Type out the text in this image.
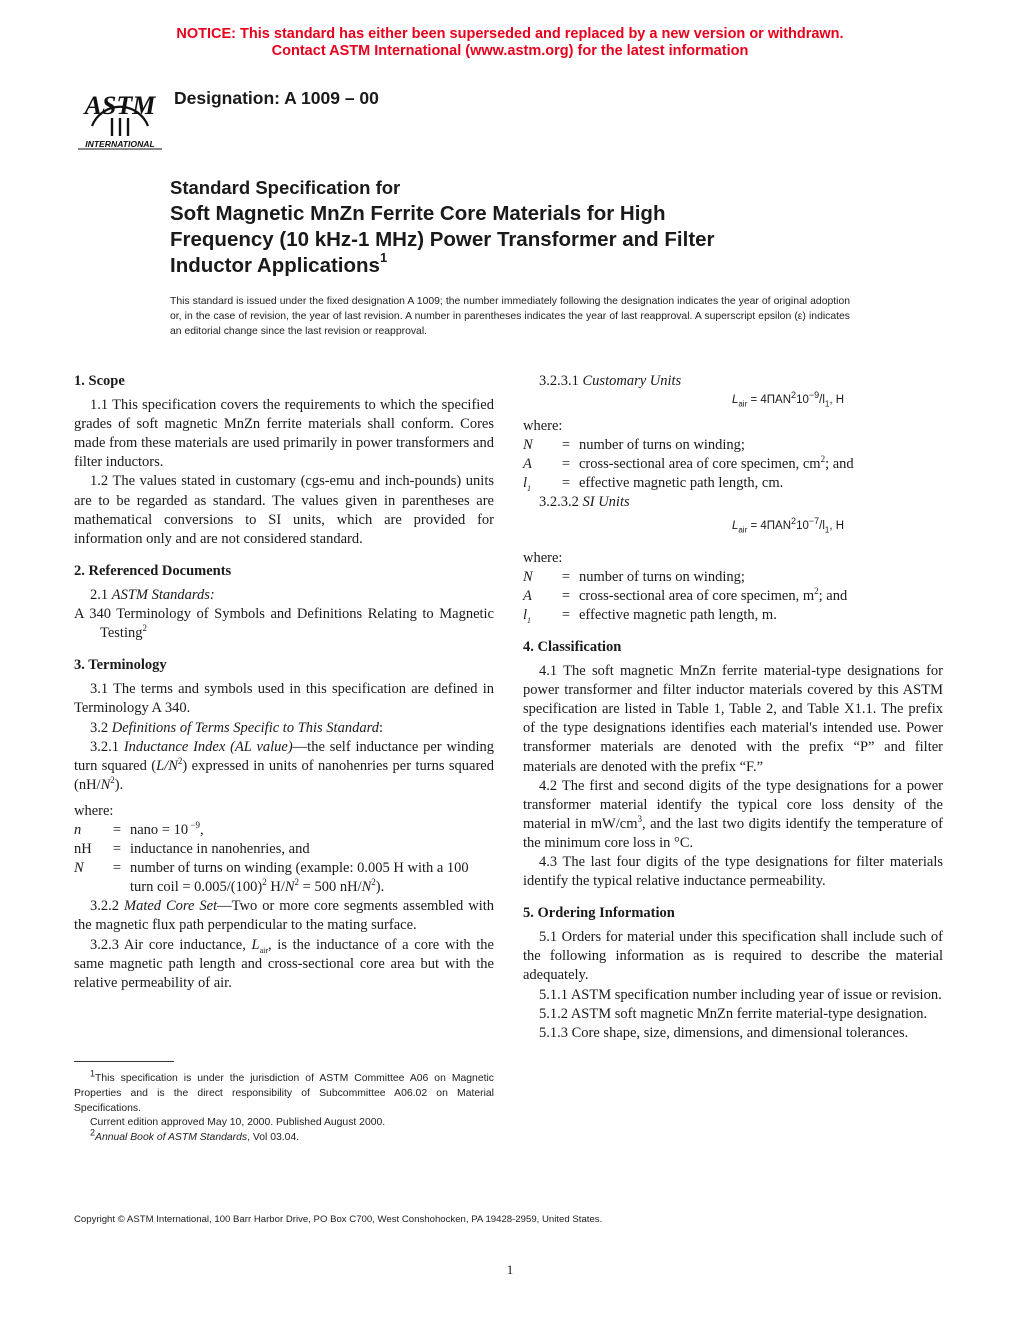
NOTICE: This standard has either been superseded and replaced by a new version or withdrawn.
Contact ASTM International (www.astm.org) for the latest information
ASTM
INTERNATIONAL
Designation: A 1009 – 00
Standard Specification for
Soft Magnetic MnZn Ferrite Core Materials for High
Frequency (10 kHz-1 MHz) Power Transformer and Filter
Inductor Applications$^1$
This standard is issued under the fixed designation A 1009; the number immediately following the designation indicates the year of original adoption or, in the case of revision, the year of last revision. A number in parentheses indicates the year of last reapproval. A superscript epsilon (ε) indicates an editorial change since the last revision or reapproval.
1. Scope

1.1 This specification covers the requirements to which the specified grades of soft magnetic MnZn ferrite materials shall conform. Cores made from these materials are used primarily in power transformers and filter inductors.

1.2 The values stated in customary (cgs-emu and inch-pounds) units are to be regarded as standard. The values given in parentheses are mathematical conversions to SI units, which are provided for information only and are not considered standard.

2. Referenced Documents

2.1 ASTM Standards:

A 340 Terminology of Symbols and Definitions Relating to Magnetic Testing$^2$

3. Terminology

3.1 The terms and symbols used in this specification are defined in Terminology A 340.

3.2 Definitions of Terms Specific to This Standard:

3.2.1 Inductance Index (AL value)—the self inductance per winding turn squared $(L/N^2)$ expressed in units of nanohenries per turns squared $(nH/N^2)$.

where:

n	= nano = 10 $^{-9}$,
nH	= inductance in nanohenries, and
N	= number of turns on winding (example: 0.005 H with a 100 turn coil = $0.005/(100)^2$ $H/N^2 = 500$ $nH/N^2$).

3.2.2 Mated Core Set—Two or more core segments assembled with the magnetic flux path perpendicular to the mating surface.

3.2.3 Air core inductance, $L_{air}$, is the inductance of a core with the same magnetic path length and cross-sectional core area but with the relative permeability of air.

3.2.3.1 Customary Units

$L_{air} = 4\Pi AN^210^{-9}/l_1$, H

where:

N	= number of turns on winding;
A	= cross-sectional area of core specimen, $cm^2$; and
$l_1$	= effective magnetic path length, cm.

3.2.3.2 SI Units

$L_{air} = 4\Pi AN^210^{-7}/l_1$, H

where:

N	= number of turns on winding;
A	= cross-sectional area of core specimen, $m^2$; and
$l_1$	= effective magnetic path length, m.
4. Classification

4.1 The soft magnetic MnZn ferrite material-type designations for power transformer and filter inductor materials covered by this ASTM specification are listed in Table 1, Table 2, and Table X1.1. The prefix of the type designations identifies each material's intended use. Power transformer materials are denoted with the prefix “P” and filter materials are denoted with the prefix “F.”

4.2 The first and second digits of the type designations for a power transformer material identify the typical core loss density of the material in $mW/cm^3$, and the last two digits identify the temperature of the minimum core loss in °C.

4.3 The last four digits of the type designations for filter materials identify the typical relative inductance permeability.

5. Ordering Information

5.1 Orders for material under this specification shall include such of the following information as is required to describe the material adequately.

5.1.1 ASTM specification number including year of issue or revision.

5.1.2 ASTM soft magnetic MnZn ferrite material-type designation.

5.1.3 Core shape, size, dimensions, and dimensional tolerances.

$^1$This specification is under the jurisdiction of ASTM Committee A06 on Magnetic Properties and is the direct responsibility of Subcommittee A06.02 on Material Specifications.

Current edition approved May 10, 2000. Published August 2000.

$^2$Annual Book of ASTM Standards, Vol 03.04.

Copyright © ASTM International, 100 Barr Harbor Drive, PO Box C700, West Conshohocken, PA 19428-2959, United States.
1
